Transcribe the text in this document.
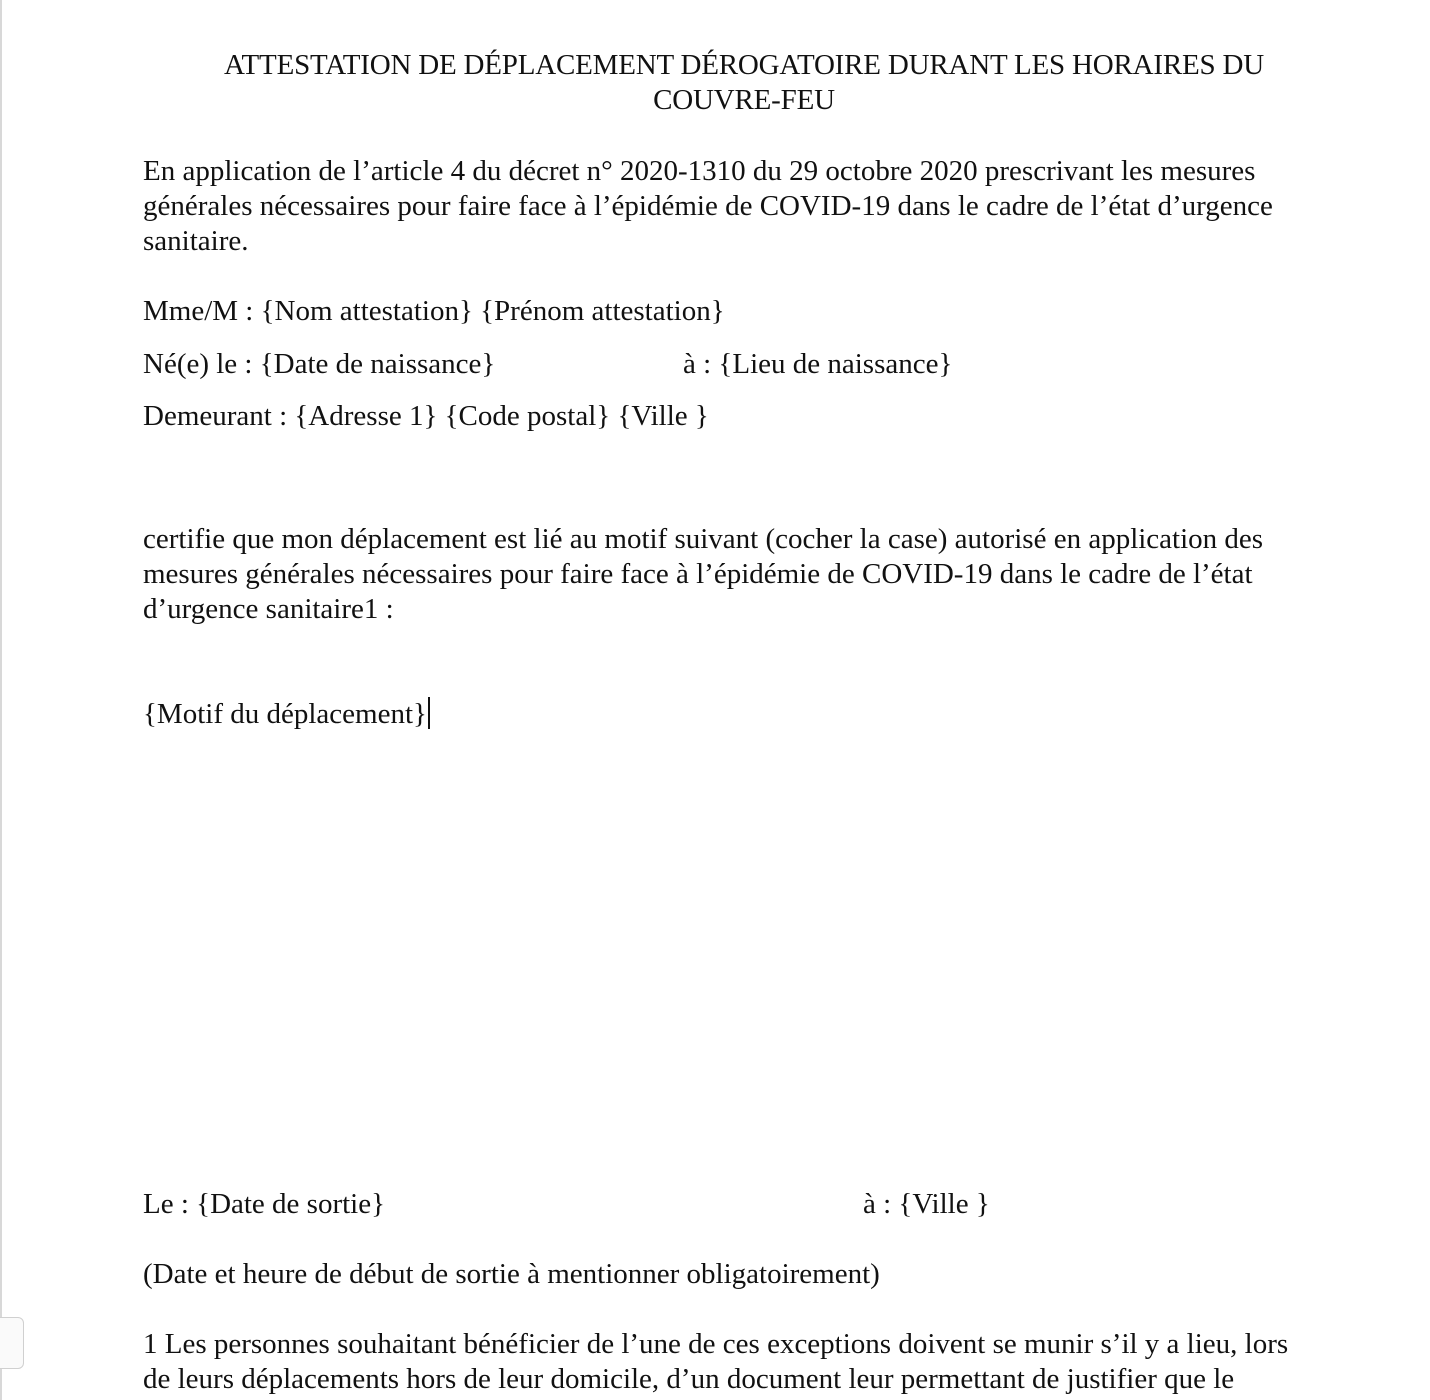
ATTESTATION DE DÉPLACEMENT DÉROGATOIRE DURANT LES HORAIRES DU
COUVRE-FEU
En application de l’article 4 du décret n° 2020-1310 du 29 octobre 2020 prescrivant les mesures
générales nécessaires pour faire face à l’épidémie de COVID-19 dans le cadre de l’état d’urgence
sanitaire.
Mme/M : {Nom attestation} {Prénom attestation}
Né(e) le : {Date de naissance}	à : {Lieu de naissance}
Demeurant : {Adresse 1} {Code postal} {Ville }
certifie que mon déplacement est lié au motif suivant (cocher la case) autorisé en application des
mesures générales nécessaires pour faire face à l’épidémie de COVID-19 dans le cadre de l’état
d’urgence sanitaire1 :
{Motif du déplacement}
Le : {Date de sortie}	à : {Ville }
(Date et heure de début de sortie à mentionner obligatoirement)
1 Les personnes souhaitant bénéficier de l’une de ces exceptions doivent se munir s’il y a lieu, lors
de leurs déplacements hors de leur domicile, d’un document leur permettant de justifier que le
